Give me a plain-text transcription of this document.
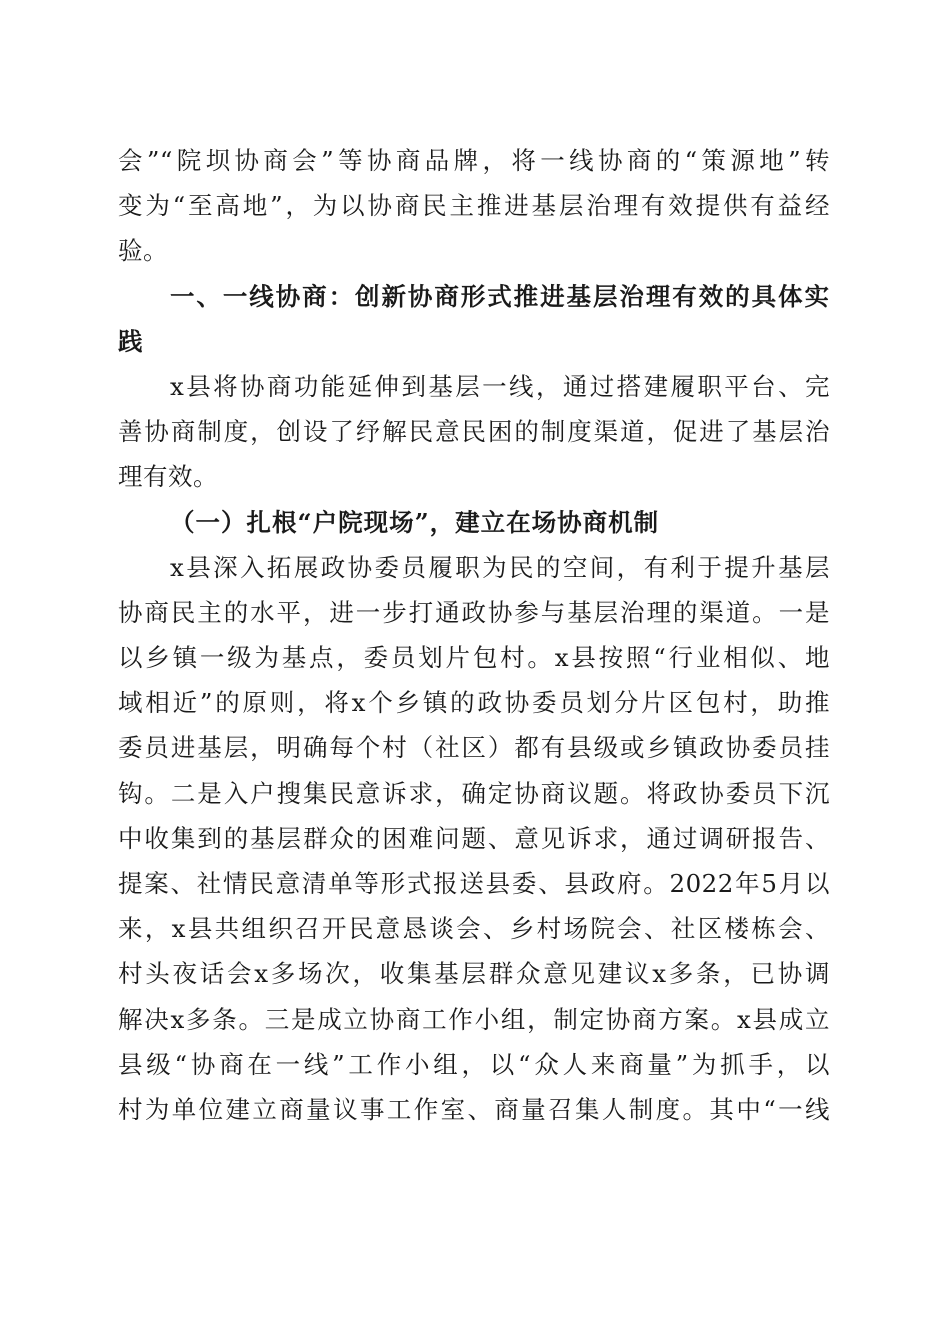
会”“院坝协商会”等协商品牌，将一线协商的“策源地”转
变为“至高地”，为以协商民主推进基层治理有效提供有益经
验。
一、一线协商：创新协商形式推进基层治理有效的具体实
践
x县将协商功能延伸到基层一线，通过搭建履职平台、完
善协商制度，创设了纾解民意民困的制度渠道，促进了基层治
理有效。
（一）扎根“户院现场”，建立在场协商机制
x县深入拓展政协委员履职为民的空间，有利于提升基层
协商民主的水平，进一步打通政协参与基层治理的渠道。一是
以乡镇一级为基点，委员划片包村。x县按照“行业相似、地
域相近”的原则，将x个乡镇的政协委员划分片区包村，助推
委员进基层，明确每个村（社区）都有县级或乡镇政协委员挂
钩。二是入户搜集民意诉求，确定协商议题。将政协委员下沉
中收集到的基层群众的困难问题、意见诉求，通过调研报告、
提案、社情民意清单等形式报送县委、县政府。2022年5月以
来，x县共组织召开民意恳谈会、乡村场院会、社区楼栋会、
村头夜话会x多场次，收集基层群众意见建议x多条，已协调
解决x多条。三是成立协商工作小组，制定协商方案。x县成立
县级“协商在一线”工作小组，以“众人来商量”为抓手，以
村为单位建立商量议事工作室、商量召集人制度。其中“一线
